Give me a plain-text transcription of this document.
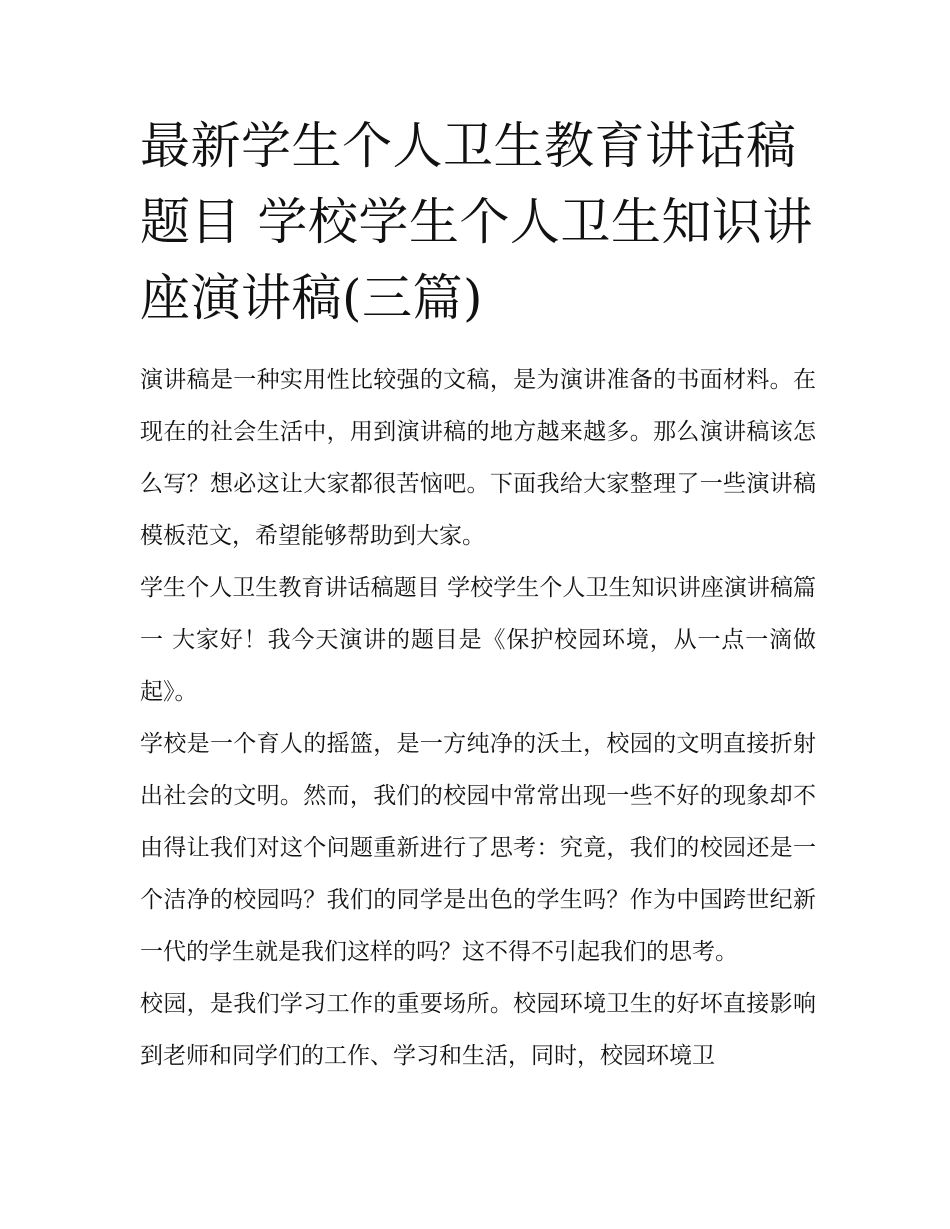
最新学生个人卫生教育讲话稿题目 学校学生个人卫生知识讲座演讲稿(三篇)

演讲稿是一种实用性比较强的文稿，是为演讲准备的书面材料。在现在的社会生活中，用到演讲稿的地方越来越多。那么演讲稿该怎么写？想必这让大家都很苦恼吧。下面我给大家整理了一些演讲稿模板范文，希望能够帮助到大家。

学生个人卫生教育讲话稿题目 学校学生个人卫生知识讲座演讲稿篇一 大家好！我今天演讲的题目是《保护校园环境，从一点一滴做起》。

学校是一个育人的摇篮，是一方纯净的沃土，校园的文明直接折射出社会的文明。然而，我们的校园中常常出现一些不好的现象却不由得让我们对这个问题重新进行了思考：究竟，我们的校园还是一个洁净的校园吗？我们的同学是出色的学生吗？作为中国跨世纪新一代的学生就是我们这样的吗？这不得不引起我们的思考。

校园，是我们学习工作的重要场所。校园环境卫生的好坏直接影响到老师和同学们的工作、学习和生活，同时，校园环境卫
